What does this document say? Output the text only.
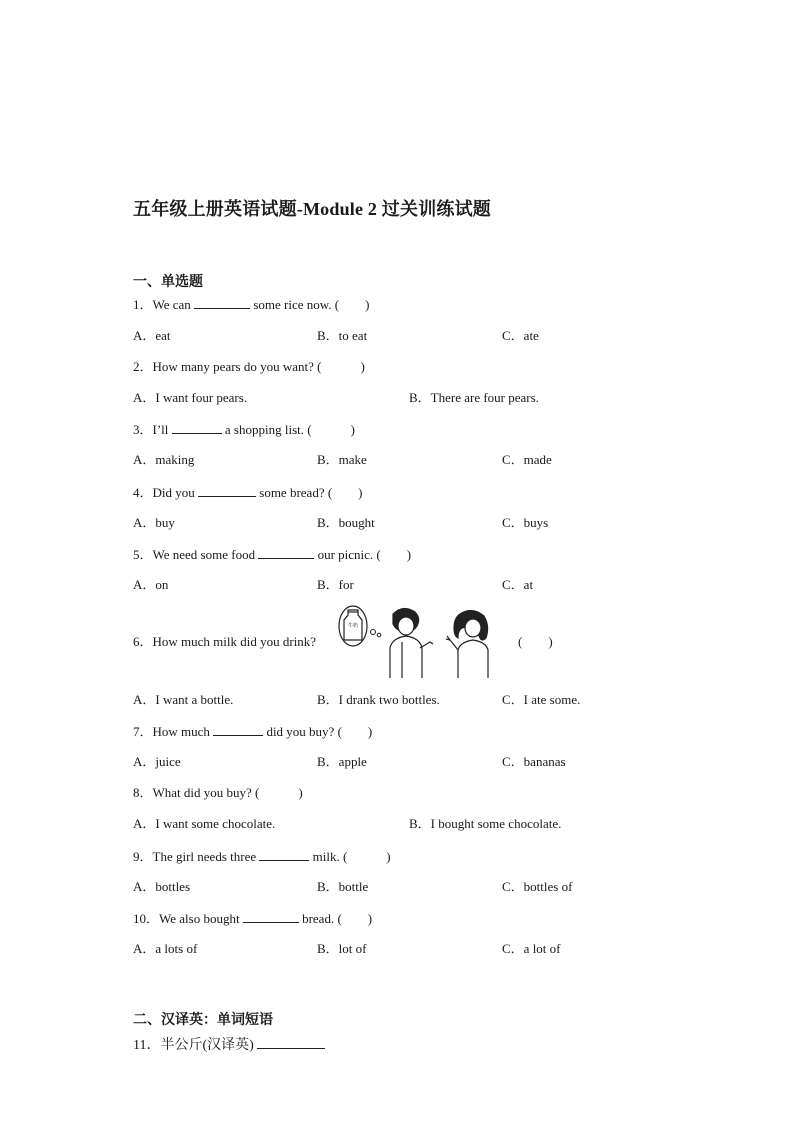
五年级上册英语试题-Module 2 过关训练试题
一、单选题
1．We can	some rice now. (　　)
A．eat	B．to eat	C．ate
2．How many pears do you want? (　　　)
A．I want four pears.	B．There are four pears.
3．I’ll	a shopping list. (　　　)
A．making	B．make	C．made
4．Did you	some bread? (　　)
A．buy	B．bought	C．buys
5．We need some food	our picnic. (　　)
A．on	B．for	C．at
6．How much milk did you drink?	(　　)
牛奶
A．I want a bottle.	B．I drank two bottles.	C．I ate some.
7．How much	did you buy? (　　)
A．juice	B．apple	C．bananas
8．What did you buy? (　　　)
A．I want some chocolate.	B．I bought some chocolate.
9．The girl needs three	milk. (　　　)
A．bottles	B．bottle	C．bottles of
10．We also bought	bread. (　　)
A．a lots of	B．lot of	C．a lot of
二、汉译英：单词短语
11．半公斤(汉译英)
